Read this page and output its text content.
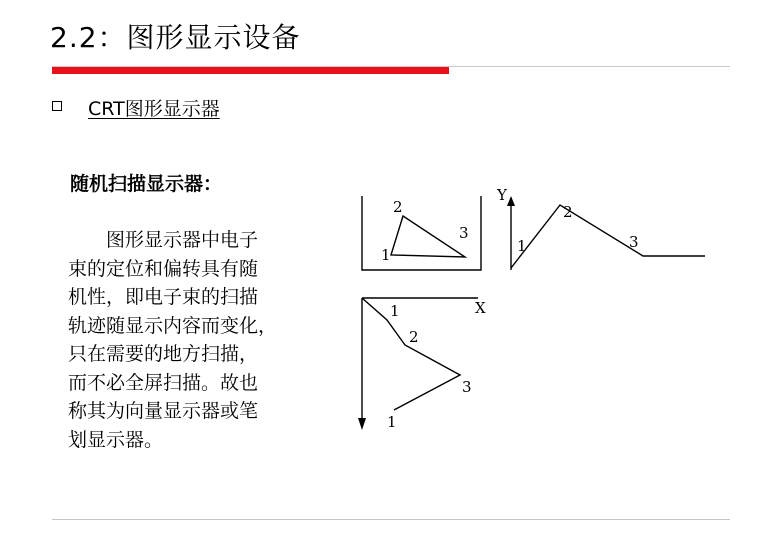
2.2：图形显示设备
CRT图形显示器
随机扫描显示器：
图形显示器中电子
束的定位和偏转具有随
机性，即电子束的扫描
轨迹随显示内容而变化，
只在需要的地方扫描，
而不必全屏扫描。故也
称其为向量显示器或笔
划显示器。
1
2
3
Y
1
2
3
X
1
2
3
1
